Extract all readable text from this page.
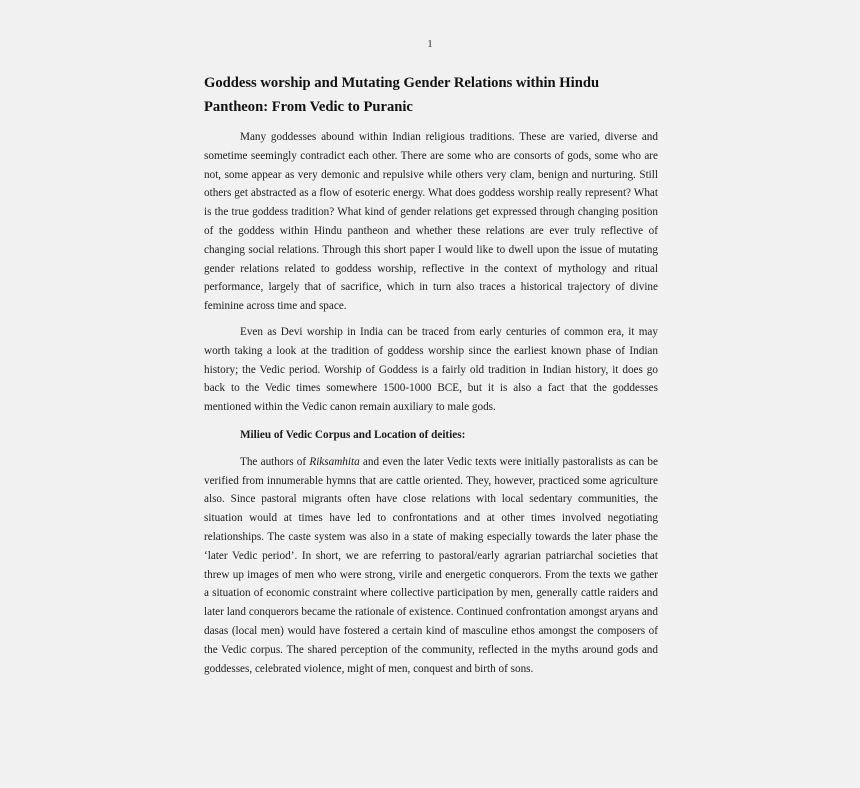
1
Goddess worship and Mutating Gender Relations within Hindu Pantheon: From Vedic to Puranic

Many goddesses abound within Indian religious traditions. These are varied, diverse and sometime seemingly contradict each other. There are some who are consorts of gods, some who are not, some appear as very demonic and repulsive while others very clam, benign and nurturing. Still others get abstracted as a flow of esoteric energy. What does goddess worship really represent? What is the true goddess tradition? What kind of gender relations get expressed through changing position of the goddess within Hindu pantheon and whether these relations are ever truly reflective of changing social relations. Through this short paper I would like to dwell upon the issue of mutating gender relations related to goddess worship, reflective in the context of mythology and ritual performance, largely that of sacrifice, which in turn also traces a historical trajectory of divine feminine across time and space.

Even as Devi worship in India can be traced from early centuries of common era, it may worth taking a look at the tradition of goddess worship since the earliest known phase of Indian history; the Vedic period. Worship of Goddess is a fairly old tradition in Indian history, it does go back to the Vedic times somewhere 1500-1000 BCE, but it is also a fact that the goddesses mentioned within the Vedic canon remain auxiliary to male gods.

Milieu of Vedic Corpus and Location of deities:

The authors of Riksamhita and even the later Vedic texts were initially pastoralists as can be verified from innumerable hymns that are cattle oriented. They, however, practiced some agriculture also. Since pastoral migrants often have close relations with local sedentary communities, the situation would at times have led to confrontations and at other times involved negotiating relationships. The caste system was also in a state of making especially towards the later phase the ‘later Vedic period’. In short, we are referring to pastoral/early agrarian patriarchal societies that threw up images of men who were strong, virile and energetic conquerors. From the texts we gather a situation of economic constraint where collective participation by men, generally cattle raiders and later land conquerors became the rationale of existence. Continued confrontation amongst aryans and dasas (local men) would have fostered a certain kind of masculine ethos amongst the composers of the Vedic corpus. The shared perception of the community, reflected in the myths around gods and goddesses, celebrated violence, might of men, conquest and birth of sons.
